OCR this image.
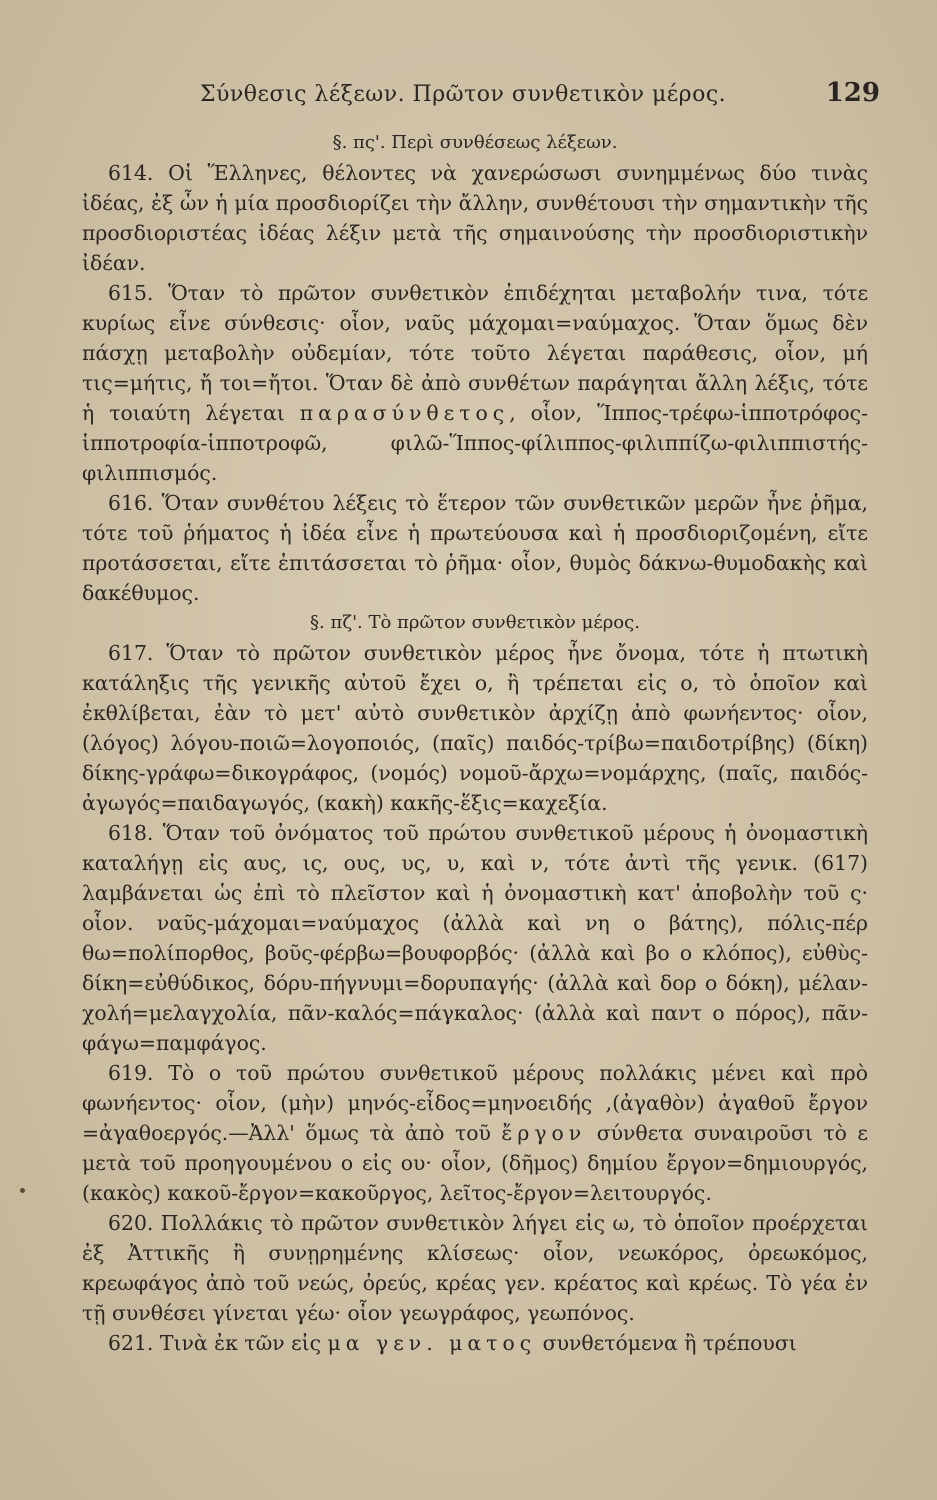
Σύνθεσις λέξεων. Πρῶτον συνθετικὸν μέρος.	129

§. πς'. Περὶ συνθέσεως λέξεων.

614. Οἱ Ἕλληνες, θέλοντες νὰ χανερώσωσι συνημμένως δύο τινὰς ἰδέας, ἐξ ὧν ἡ μία προσδιορίζει τὴν ἄλλην, συνθέτουσι τὴν σημαντικὴν τῆς προσδιοριστέας ἰδέας λέξιν μετὰ τῆς σημαινούσης τὴν προσδιοριστικὴν ἰδέαν.

615. Ὅταν τὸ πρῶτον συνθετικὸν ἐπιδέχηται μεταβολήν τινα, τότε κυρίως εἶνε σύνθεσις· οἷον, ναῦς μάχομαι=ναύμαχος. Ὅταν ὅμως δὲν πάσχῃ μεταβολὴν οὐδεμίαν, τότε τοῦτο λέγεται παράθεσις, οἷον, μή τις=μήτις, ἤ τοι=ἤτοι. Ὅταν δὲ ἀπὸ συνθέτων παράγηται ἄλλη λέξις, τότε ἡ τοιαύτη λέγεται παρασύνθετος, οἷον, Ἵππος-τρέφω-ἱπποτρόφος-ἱπποτροφία-ἱπποτροφῶ, φιλῶ-Ἵππος-φίλιππος-φιλιππίζω-φιλιππιστής-φιλιππισμός.

616. Ὅταν συνθέτου λέξεις τὸ ἕτερον τῶν συνθετικῶν μερῶν ἦνε ῥῆμα, τότε τοῦ ῥήματος ἡ ἰδέα εἶνε ἡ πρωτεύουσα καὶ ἡ προσδιοριζομένη, εἴτε προτάσσεται, εἴτε ἐπιτάσσεται τὸ ῥῆμα· οἷον, θυμὸς δάκνω-θυμοδακὴς καὶ δακέθυμος.

§. πζ'. Τὸ πρῶτον συνθετικὸν μέρος.

617. Ὅταν τὸ πρῶτον συνθετικὸν μέρος ἦνε ὄνομα, τότε ἡ πτωτικὴ κατάληξις τῆς γενικῆς αὐτοῦ ἔχει ο, ἢ τρέπεται εἰς ο, τὸ ὁποῖον καὶ ἐκθλίβεται, ἐὰν τὸ μετ' αὐτὸ συνθετικὸν ἀρχίζῃ ἀπὸ φωνήεντος· οἷον, (λόγος) λόγου-ποιῶ=λογοποιός, (παῖς) παιδός-τρίβω=παιδοτρίβης) (δίκη) δίκης-γράφω=δικογράφος, (νομός) νομοῦ-ἄρχω=νομάρχης, (παῖς, παιδός-ἀγωγός=παιδαγωγός, (κακὴ) κακῆς-ἕξις=καχεξία.

618. Ὅταν τοῦ ὀνόματος τοῦ πρώτου συνθετικοῦ μέρους ἡ ὀνομαστικὴ καταλήγῃ εἰς αυς, ις, ους, υς, υ, καὶ ν, τότε ἀντὶ τῆς γενικ. (617) λαμβάνεται ὡς ἐπὶ τὸ πλεῖστον καὶ ἡ ὀνομαστικὴ κατ' ἀποβολὴν τοῦ ς· οἷον. ναῦς-μάχομαι=ναύμαχος (ἀλλὰ καὶ νη ο βάτης), πόλις-πέρ θω=πολίπορθος, βοῦς-φέρβω=βουφορβός· (ἀλλὰ καὶ βο ο κλόπος), εὐθὺς-δίκη=εὐθύδικος, δόρυ-πήγνυμι=δορυπαγής· (ἀλλὰ καὶ δορ ο δόκη), μέλαν-χολή=μελαγχολία, πᾶν-καλός=πάγκαλος· (ἀλλὰ καὶ παντ ο πόρος), πᾶν-φάγω=παμφάγος.

619. Τὸ ο τοῦ πρώτου συνθετικοῦ μέρους πολλάκις μένει καὶ πρὸ φωνήεντος· οἷον, (μὴν) μηνός-εἶδος=μηνοειδής ,(ἀγαθὸν) ἀγαθοῦ ἔργον =ἀγαθοεργός.—Ἀλλ' ὅμως τὰ ἀπὸ τοῦ ἔργον σύνθετα συναιροῦσι τὸ ε μετὰ τοῦ προηγουμένου ο εἰς ου· οἷον, (δῆμος) δημίου ἔργον=δημιουργός,(κακὸς) κακοῦ-ἔργον=κακοῦργος, λεῖτος-ἔργον=λειτουργός.

620. Πολλάκις τὸ πρῶτον συνθετικὸν λήγει εἰς ω, τὸ ὁποῖον προέρχεται ἐξ Ἀττικῆς ἢ συνῃρημένης κλίσεως· οἷον, νεωκόρος, ὀρεωκόμος, κρεωφάγος ἀπὸ τοῦ νεώς, ὀρεύς, κρέας γεν. κρέατος καὶ κρέως. Τὸ γέα ἐν τῇ συνθέσει γίνεται γέω· οἷον γεωγράφος, γεωπόνος.

621. Τινὰ ἐκ τῶν εἰς μα γεν. ματος συνθετόμενα ἢ τρέπουσι
